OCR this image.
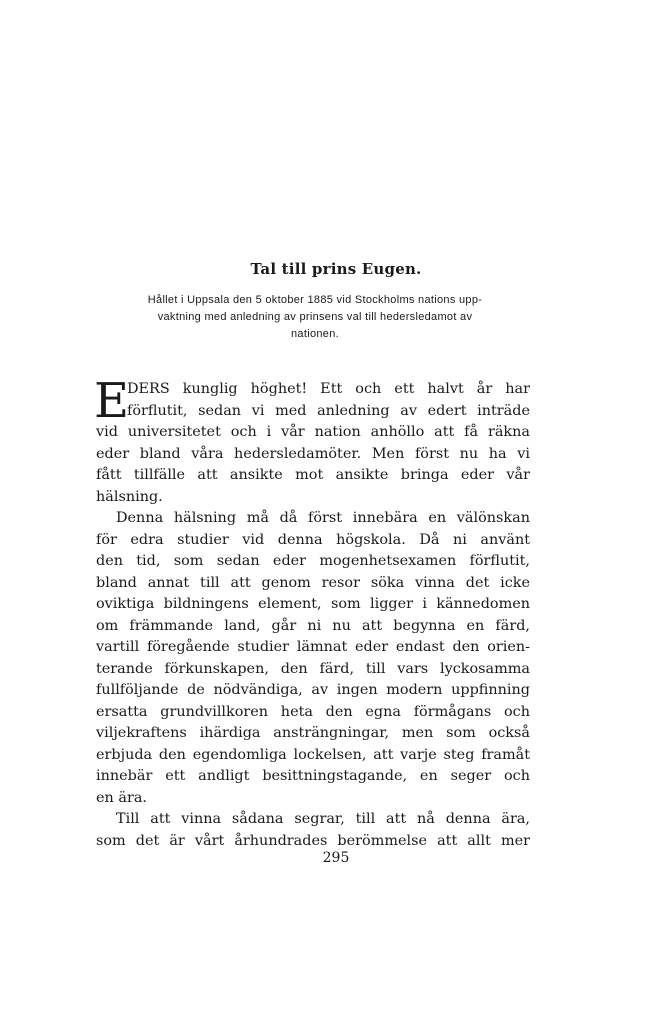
Tal till prins Eugen.
Hållet i Uppsala den 5 oktober 1885 vid Stockholms nations upp-
vaktning med anledning av prinsens val till hedersledamot av
nationen.
E
DERS kunglig höghet! Ett och ett halvt år har
förflutit, sedan vi med anledning av edert inträde
vid universitetet och i vår nation anhöllo att få räkna
eder bland våra hedersledamöter. Men först nu ha vi
fått tillfälle att ansikte mot ansikte bringa eder vår
hälsning.
Denna hälsning må då först innebära en välönskan
för edra studier vid denna högskola. Då ni använt
den tid, som sedan eder mogenhetsexamen förflutit,
bland annat till att genom resor söka vinna det icke
oviktiga bildningens element, som ligger i kännedomen
om främmande land, går ni nu att begynna en färd,
vartill föregående studier lämnat eder endast den orien-
terande förkunskapen, den färd, till vars lyckosamma
fullföljande de nödvändiga, av ingen modern uppfinning
ersatta grundvillkoren heta den egna förmågans och
viljekraftens ihärdiga ansträngningar, men som också
erbjuda den egendomliga lockelsen, att varje steg framåt
innebär ett andligt besittningstagande, en seger och
en ära.
Till att vinna sådana segrar, till att nå denna ära,
som det är vårt århundrades berömmelse att allt mer
295
